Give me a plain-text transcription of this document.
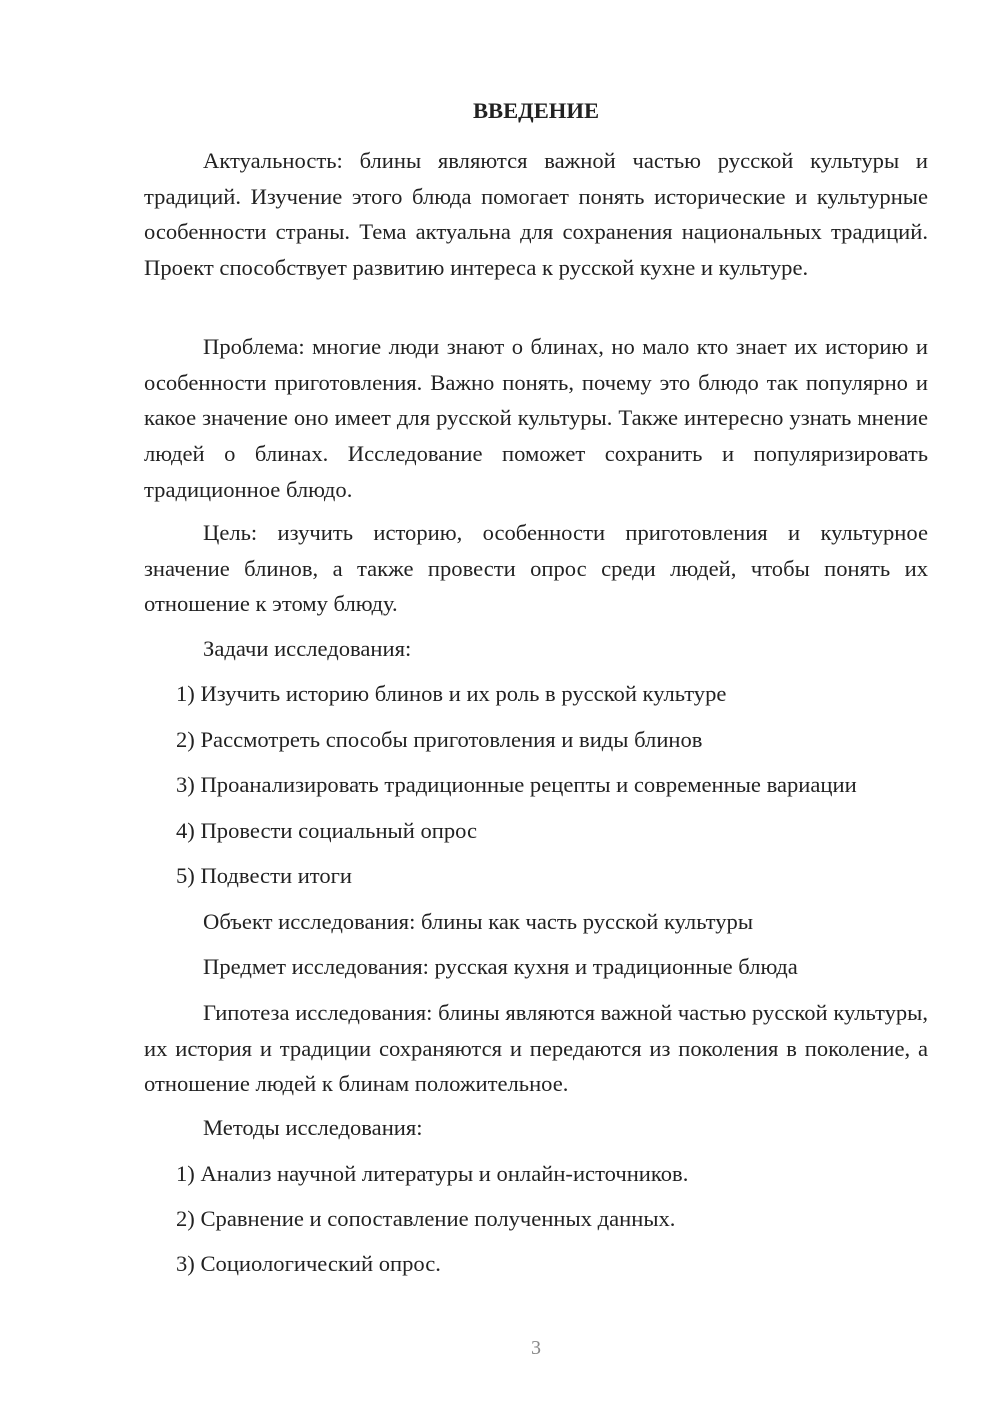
ВВЕДЕНИЕ

Актуальность: блины являются важной частью русской культуры и традиций. Изучение этого блюда помогает понять исторические и культурные особенности страны. Тема актуальна для сохранения национальных традиций. Проект способствует развитию интереса к русской кухне и культуре.

Проблема: многие люди знают о блинах, но мало кто знает их историю и особенности приготовления. Важно понять, почему это блюдо так популярно и какое значение оно имеет для русской культуры. Также интересно узнать мнение людей о блинах. Исследование поможет сохранить и популяризировать традиционное блюдо.

Цель: изучить историю, особенности приготовления и культурное значение блинов, а также провести опрос среди людей, чтобы понять их отношение к этому блюду.

Задачи исследования:

1) Изучить историю блинов и их роль в русской культуре

2) Рассмотреть способы приготовления и виды блинов

3) Проанализировать традиционные рецепты и современные вариации

4) Провести социальный опрос

5) Подвести итоги

Объект исследования: блины как часть русской культуры

Предмет исследования: русская кухня и традиционные блюда

Гипотеза исследования: блины являются важной частью русской культуры, их история и традиции сохраняются и передаются из поколения в поколение, а отношение людей к блинам положительное.

Методы исследования:

1) Анализ научной литературы и онлайн-источников.

2) Сравнение и сопоставление полученных данных.

3) Социологический опрос.

3
